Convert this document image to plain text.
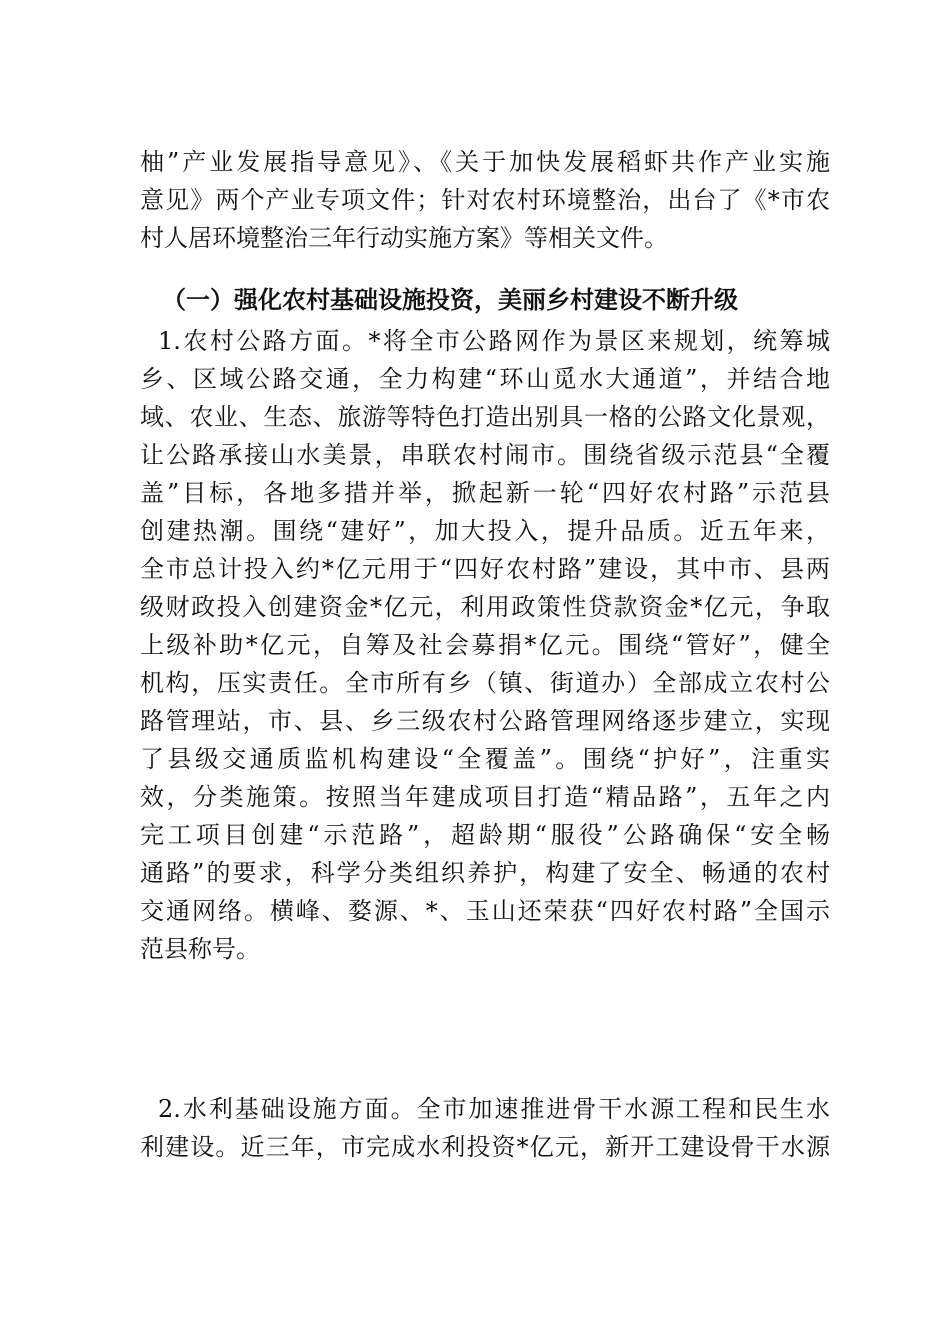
柚”产业发展指导意见》、《关于加快发展稻虾共作产业实施
意见》两个产业专项文件；针对农村环境整治，出台了《*市农
村人居环境整治三年行动实施方案》等相关文件。
（一）强化农村基础设施投资，美丽乡村建设不断升级
1.农村公路方面。*将全市公路网作为景区来规划，统筹城
乡、区域公路交通，全力构建“环山觅水大通道”，并结合地
域、农业、生态、旅游等特色打造出别具一格的公路文化景观，
让公路承接山水美景，串联农村闹市。围绕省级示范县“全覆
盖”目标，各地多措并举，掀起新一轮“四好农村路”示范县
创建热潮。围绕“建好”，加大投入，提升品质。近五年来，
全市总计投入约*亿元用于“四好农村路”建设，其中市、县两
级财政投入创建资金*亿元，利用政策性贷款资金*亿元，争取
上级补助*亿元，自筹及社会募捐*亿元。围绕“管好”，健全
机构，压实责任。全市所有乡（镇、街道办）全部成立农村公
路管理站，市、县、乡三级农村公路管理网络逐步建立，实现
了县级交通质监机构建设“全覆盖”。围绕“护好”，注重实
效，分类施策。按照当年建成项目打造“精品路”，五年之内
完工项目创建“示范路”，超龄期“服役”公路确保“安全畅
通路”的要求，科学分类组织养护，构建了安全、畅通的农村
交通网络。横峰、婺源、*、玉山还荣获“四好农村路”全国示
范县称号。
2.水利基础设施方面。全市加速推进骨干水源工程和民生水
利建设。近三年，市完成水利投资*亿元，新开工建设骨干水源
